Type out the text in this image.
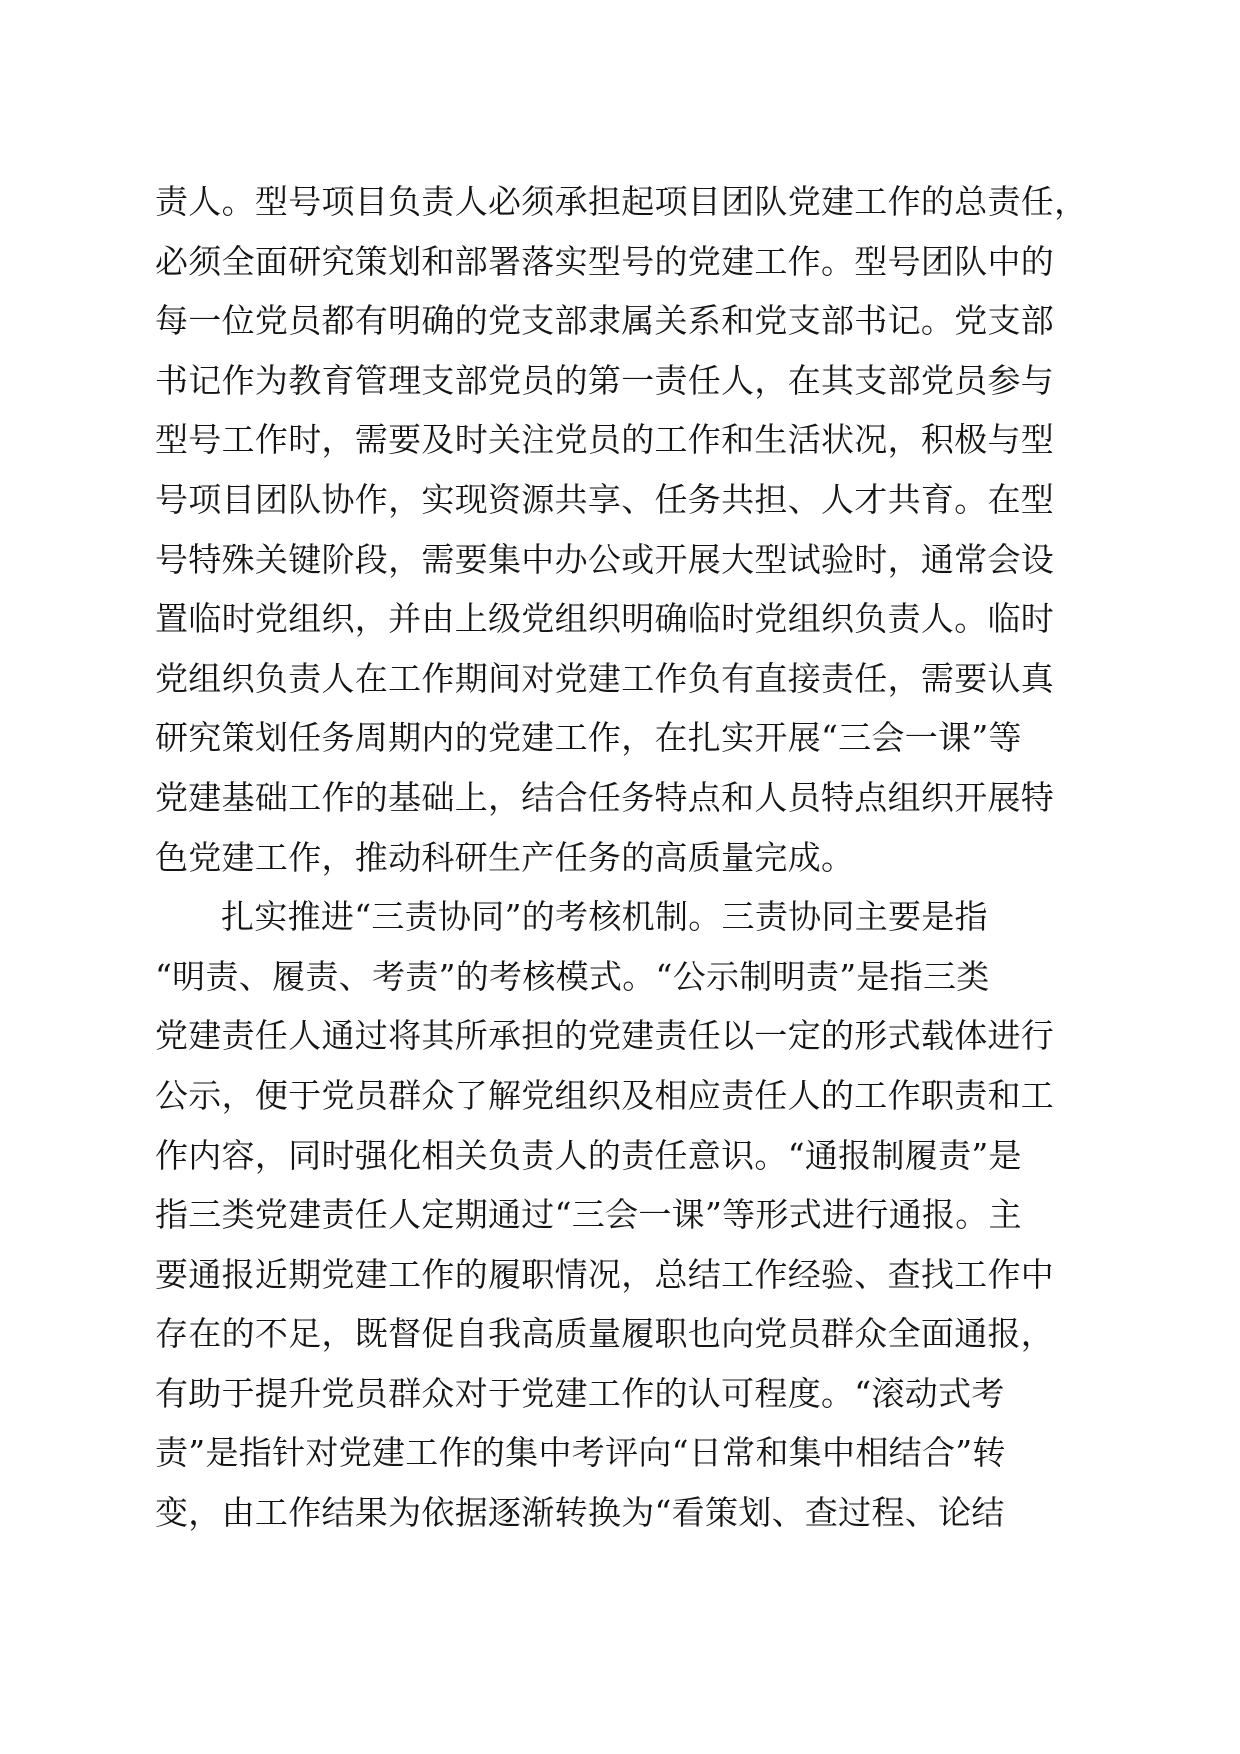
责人。型号项目负责人必须承担起项目团队党建工作的总责任，

必须全面研究策划和部署落实型号的党建工作。型号团队中的

每一位党员都有明确的党支部隶属关系和党支部书记。党支部

书记作为教育管理支部党员的第一责任人，在其支部党员参与

型号工作时，需要及时关注党员的工作和生活状况，积极与型

号项目团队协作，实现资源共享、任务共担、人才共育。在型

号特殊关键阶段，需要集中办公或开展大型试验时，通常会设

置临时党组织，并由上级党组织明确临时党组织负责人。临时

党组织负责人在工作期间对党建工作负有直接责任，需要认真

研究策划任务周期内的党建工作，在扎实开展“三会一课”等

党建基础工作的基础上，结合任务特点和人员特点组织开展特

色党建工作，推动科研生产任务的高质量完成。

扎实推进“三责协同”的考核机制。三责协同主要是指

“明责、履责、考责”的考核模式。“公示制明责”是指三类

党建责任人通过将其所承担的党建责任以一定的形式载体进行

公示，便于党员群众了解党组织及相应责任人的工作职责和工

作内容，同时强化相关负责人的责任意识。“通报制履责”是

指三类党建责任人定期通过“三会一课”等形式进行通报。主

要通报近期党建工作的履职情况，总结工作经验、查找工作中

存在的不足，既督促自我高质量履职也向党员群众全面通报，

有助于提升党员群众对于党建工作的认可程度。“滚动式考

责”是指针对党建工作的集中考评向“日常和集中相结合”转

变，由工作结果为依据逐渐转换为“看策划、查过程、论结
